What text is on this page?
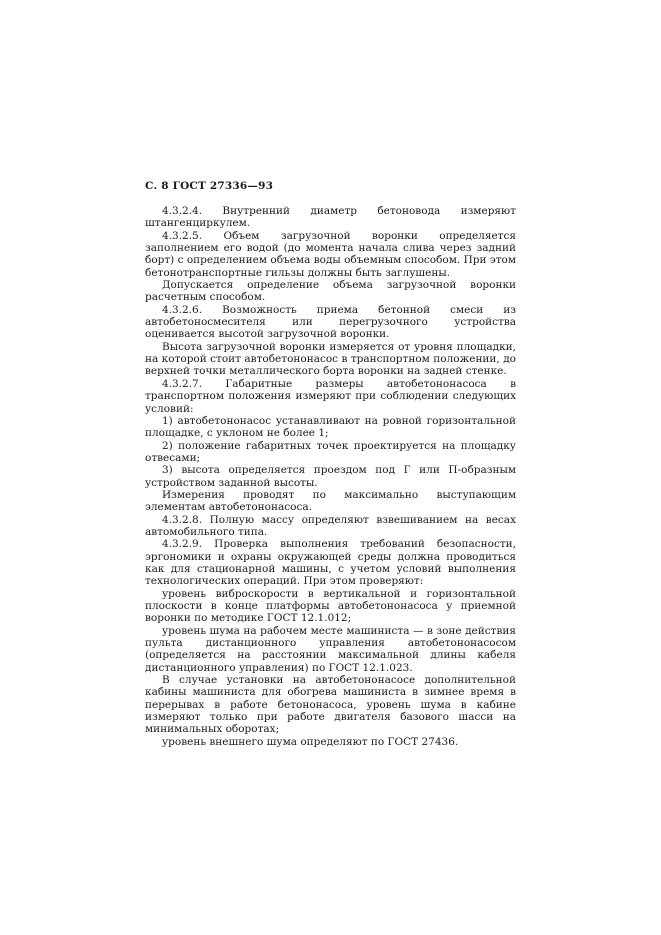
С. 8 ГОСТ 27336—93

4.3.2.4. Внутренний диаметр бетоновода измеряют штангенциркулем.

4.3.2.5. Объем загрузочной воронки определяется заполнением его водой (до момента начала слива через задний борт) с определением объема воды объемным способом. При этом бетонотранспортные гильзы должны быть заглушены.

Допускается определение объема загрузочной воронки расчетным способом.

4.3.2.6. Возможность приема бетонной смеси из автобетоносмесителя или перегрузочного устройства оценивается высотой загрузочной воронки.

Высота загрузочной воронки измеряется от уровня площадки, на которой стоит автобетононасос в транспортном положении, до верхней точки металлического борта воронки на задней стенке.

4.3.2.7. Габаритные размеры автобетононасоса в транспортном положения измеряют при соблюдении следующих условий:

1) автобетононасос устанавливают на ровной горизонтальной площадке, с уклоном не более 1;

2) положение габаритных точек проектируется на площадку отвесами;

3) высота определяется проездом под Г или П-образным устройством заданной высоты.

Измерения проводят по максимально выступающим элементам автобетононасоса.

4.3.2.8. Полную массу определяют взвешиванием на весах автомобильного типа.

4.3.2.9. Проверка выполнения требований безопасности, эргономики и охраны окружающей среды должна проводиться как для стационарной машины, с учетом условий выполнения технологических операций. При этом проверяют:

уровень виброскорости в вертикальной и горизонтальной плоскости в конце платформы автобетононасоса у приемной воронки по методике ГОСТ 12.1.012;

уровень шума на рабочем месте машиниста — в зоне действия пульта дистанционного управления автобетононасосом (определяется на расстоянии максимальной длины кабеля дистанционного управления) по ГОСТ 12.1.023.

В случае установки на автобетононасосе дополнительной кабины машиниста для обогрева машиниста в зимнее время в перерывах в работе бетононасоса, уровень шума в кабине измеряют только при работе двигателя базового шасси на минимальных оборотах;

уровень внешнего шума определяют по ГОСТ 27436.
